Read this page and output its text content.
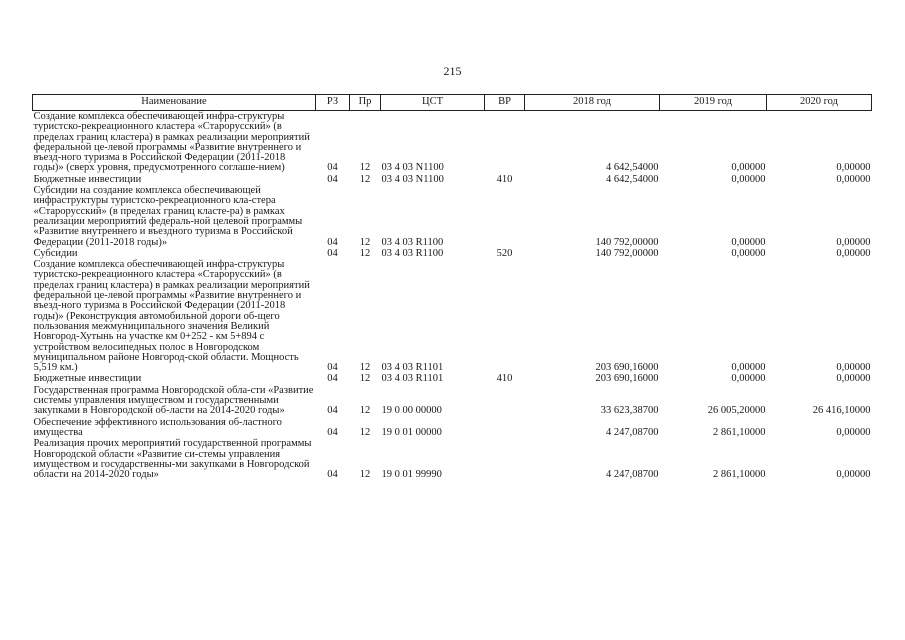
215
Наименование	РЗ	Пр	ЦСТ	ВР	2018 год	2019 год	2020 год
Создание комплекса обеспечивающей инфра-структуры туристско-рекреационного кластера «Старорусский» (в пределах границ кластера) в рамках реализации мероприятий федеральной це-левой программы «Развитие внутреннего и въезд-ного туризма в Российской Федерации (2011-2018 годы)» (сверх уровня, предусмотренного соглаше-нием)	04	12	03 4 03 N1100		4 642,54000	0,00000	0,00000
Бюджетные инвестиции	04	12	03 4 03 N1100	410	4 642,54000	0,00000	0,00000
Субсидии на создание комплекса обеспечивающей инфраструктуры туристско-рекреационного кла-стера «Старорусский» (в пределах границ класте-ра) в рамках реализации мероприятий федераль-ной целевой программы «Развитие внутреннего и въездного туризма в Российской Федерации (2011-2018 годы)»	04	12	03 4 03 R1100		140 792,00000	0,00000	0,00000
Субсидии	04	12	03 4 03 R1100	520	140 792,00000	0,00000	0,00000
Создание комплекса обеспечивающей инфра-структуры туристско-рекреационного кластера «Старорусский» (в пределах границ кластера) в рамках реализации мероприятий федеральной це-левой программы «Развитие внутреннего и въезд-ного туризма в Российской Федерации (2011-2018 годы)» (Реконструкция автомобильной дороги об-щего пользования межмуниципального значения Великий Новгород-Хутынь на участке км 0+252 - км 5+894 с устройством велосипедных полос в Новгородском муниципальном районе Новгород-ской области. Мощность 5,519 км.)	04	12	03 4 03 R1101		203 690,16000	0,00000	0,00000
Бюджетные инвестиции	04	12	03 4 03 R1101	410	203 690,16000	0,00000	0,00000
Государственная программа Новгородской обла-сти «Развитие системы управления имуществом и государственными закупками в Новгородской об-ласти на 2014-2020 годы»	04	12	19 0 00 00000		33 623,38700	26 005,20000	26 416,10000
Обеспечение эффективного использования об-ластного имущества	04	12	19 0 01 00000		4 247,08700	2 861,10000	0,00000
Реализация прочих мероприятий государственной программы Новгородской области «Развитие си-стемы управления имуществом и государственны-ми закупками в Новгородской области на 2014-2020 годы»	04	12	19 0 01 99990		4 247,08700	2 861,10000	0,00000
